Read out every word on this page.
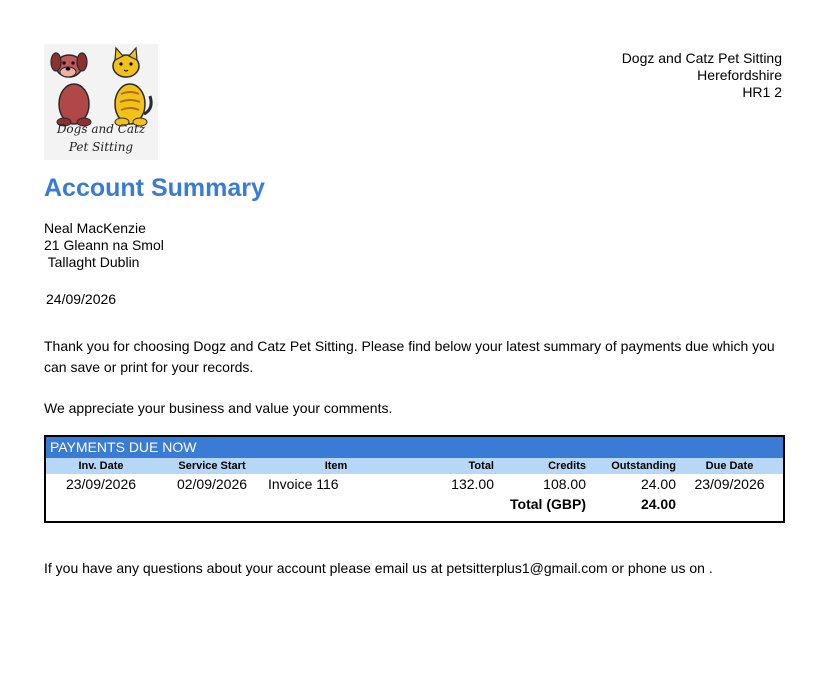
Dogs and Catz
Pet Sitting
Dogz and Catz Pet Sitting
Herefordshire
HR1 2
Account Summary
Neal MacKenzie
21 Gleann na Smol
Tallaght Dublin
24/09/2026
Thank you for choosing Dogz and Catz Pet Sitting. Please find below your latest summary of payments due which you can save or print for your records.
We appreciate your business and value your comments.
PAYMENTS DUE NOW
Inv. Date	Service Start	Item	Total	Credits	Outstanding	Due Date
23/09/2026	02/09/2026	Invoice 116	132.00	108.00	24.00	23/09/2026
				Total (GBP)	24.00	
If you have any questions about your account please email us at petsitterplus1@gmail.com or phone us on .
